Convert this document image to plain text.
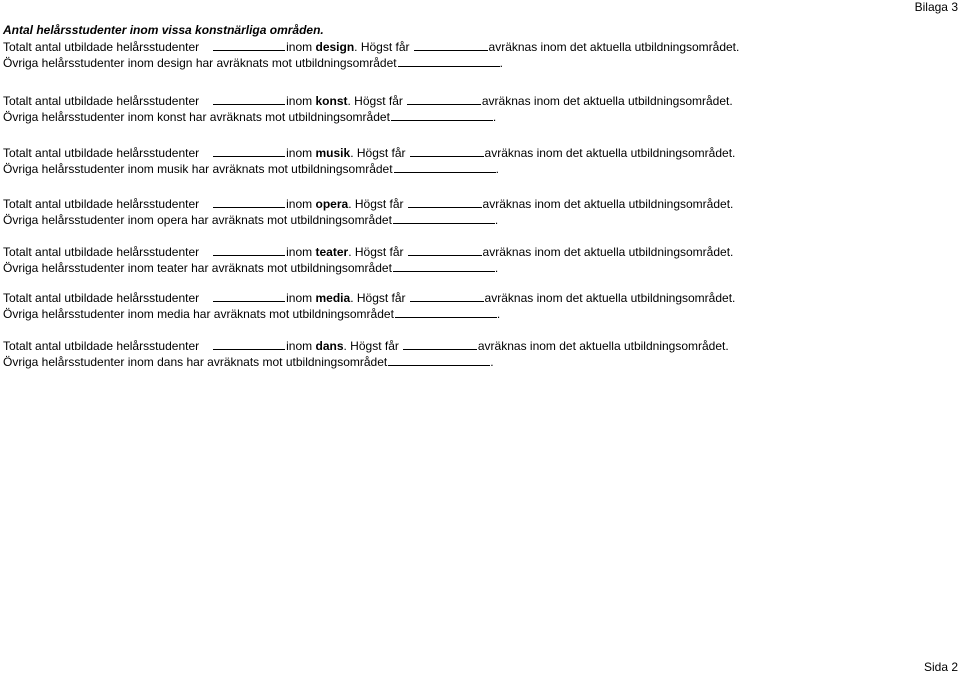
Bilaga 3
Antal helårsstudenter inom vissa konstnärliga områden.
Totalt antal utbildade helårsstudenter	inom design. Högst får	avräknas inom det aktuella utbildningsområdet.
Övriga helårsstudenter inom design har avräknats mot utbildningsområdet	.
Totalt antal utbildade helårsstudenter	inom konst. Högst får	avräknas inom det aktuella utbildningsområdet.
Övriga helårsstudenter inom konst har avräknats mot utbildningsområdet	.
Totalt antal utbildade helårsstudenter	inom musik. Högst får	avräknas inom det aktuella utbildningsområdet.
Övriga helårsstudenter inom musik har avräknats mot utbildningsområdet	.
Totalt antal utbildade helårsstudenter	inom opera. Högst får	avräknas inom det aktuella utbildningsområdet.
Övriga helårsstudenter inom opera har avräknats mot utbildningsområdet	.
Totalt antal utbildade helårsstudenter	inom teater. Högst får	avräknas inom det aktuella utbildningsområdet.
Övriga helårsstudenter inom teater har avräknats mot utbildningsområdet	.
Totalt antal utbildade helårsstudenter	inom media. Högst får	avräknas inom det aktuella utbildningsområdet.
Övriga helårsstudenter inom media har avräknats mot utbildningsområdet	.
Totalt antal utbildade helårsstudenter	inom dans. Högst får	avräknas inom det aktuella utbildningsområdet.
Övriga helårsstudenter inom dans har avräknats mot utbildningsområdet	.
Sida 2
